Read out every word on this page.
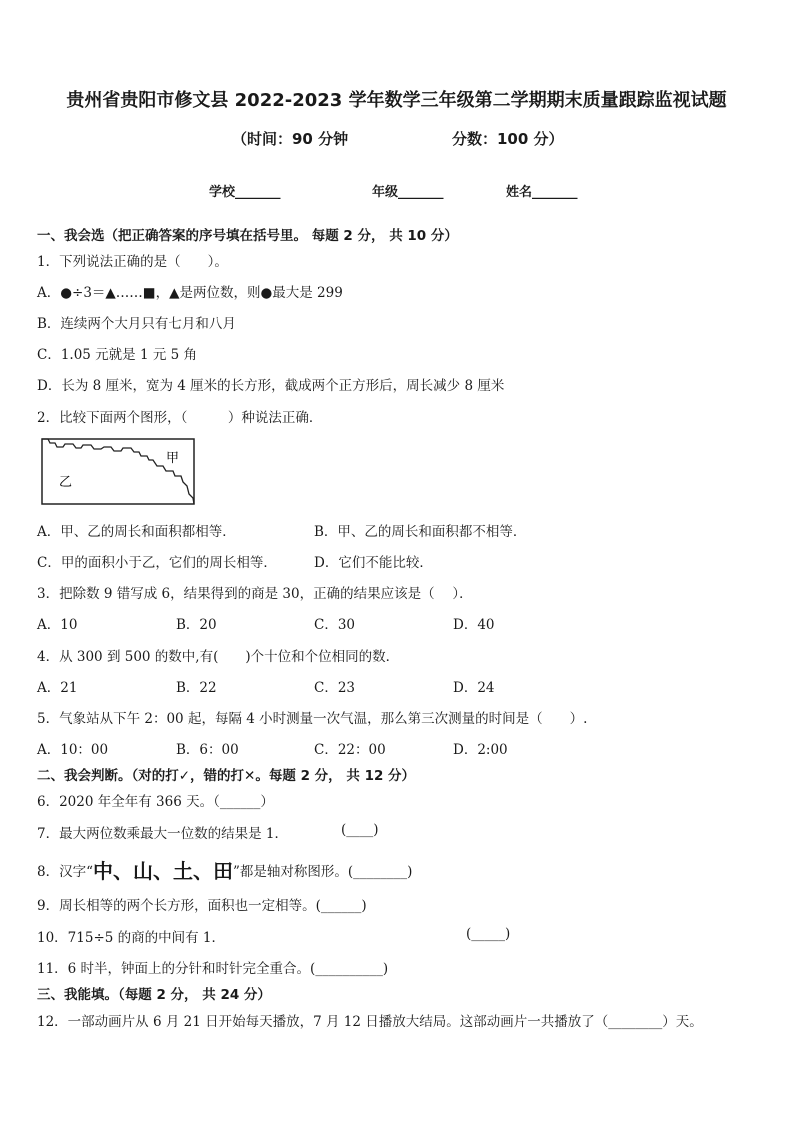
贵州省贵阳市修文县 2022-2023 学年数学三年级第二学期期末质量跟踪监视试题
（时间：90 分钟	分数：100 分）
学校_______	年级_______	姓名_______
一、我会选（把正确答案的序号填在括号里。 每题 2 分， 共 10 分）
1．下列说法正确的是（　　）。
A．●÷3＝▲……■，▲是两位数，则●最大是 299
B．连续两个大月只有七月和八月
C．1.05 元就是 1 元 5 角
D．长为 8 厘米，宽为 4 厘米的长方形，截成两个正方形后，周长减少 8 厘米
2．比较下面两个图形，（　　　）种说法正确．
甲
乙
A．甲、乙的周长和面积都相等．	B．甲、乙的周长和面积都不相等．
C．甲的面积小于乙，它们的周长相等．	D．它们不能比较．
3．把除数 9 错写成 6，结果得到的商是 30，正确的结果应该是（　 ）．
A．10	B．20	C．30	D．40
4．从 300 到 500 的数中,有(　　)个十位和个位相同的数．
A．21	B．22	C．23	D．24
5．气象站从下午 2：00 起，每隔 4 小时测量一次气温，那么第三次测量的时间是（　　）.
A．10：00	B．6：00	C．22：00	D．2:00
二、我会判断。（对的打✓，错的打✕。每题 2 分， 共 12 分）
6．2020 年全年有 366 天。（______）
7．最大两位数乘最大一位数的结果是 1．	(____)
8．汉字“中、山、土、田”都是轴对称图形。(________)
9．周长相等的两个长方形，面积也一定相等。(______)
10．715÷5 的商的中间有 1．	(_____)
11．6 时半，钟面上的分针和时针完全重合。(__________)
三、我能填。（每题 2 分， 共 24 分）
12．一部动画片从 6 月 21 日开始每天播放，7 月 12 日播放大结局。这部动画片一共播放了（________）天。
